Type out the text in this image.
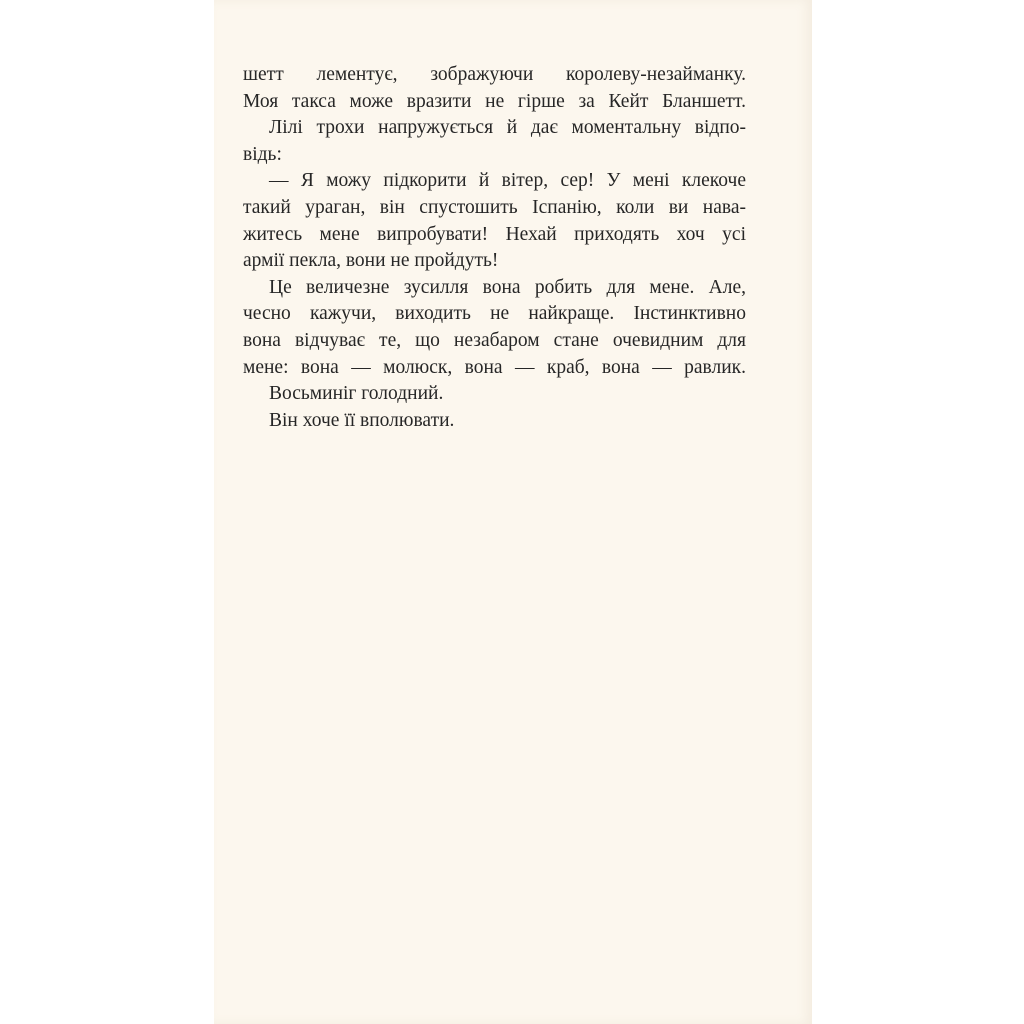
шетт лементує, зображуючи королеву-незайманку.
Моя такса може вразити не гірше за Кейт Бланшетт.
Лілі трохи напружується й дає моментальну відпо-
відь:
— Я можу підкорити й вітер, сер! У мені клекоче
такий ураган, він спустошить Іспанію, коли ви нава-
житесь мене випробувати! Нехай приходять хоч усі
армії пекла, вони не пройдуть!
Це величезне зусилля вона робить для мене. Але,
чесно кажучи, виходить не найкраще. Інстинктивно
вона відчуває те, що незабаром стане очевидним для
мене: вона — молюск, вона — краб, вона — равлик.
Восьминіг голодний.
Він хоче її вполювати.
